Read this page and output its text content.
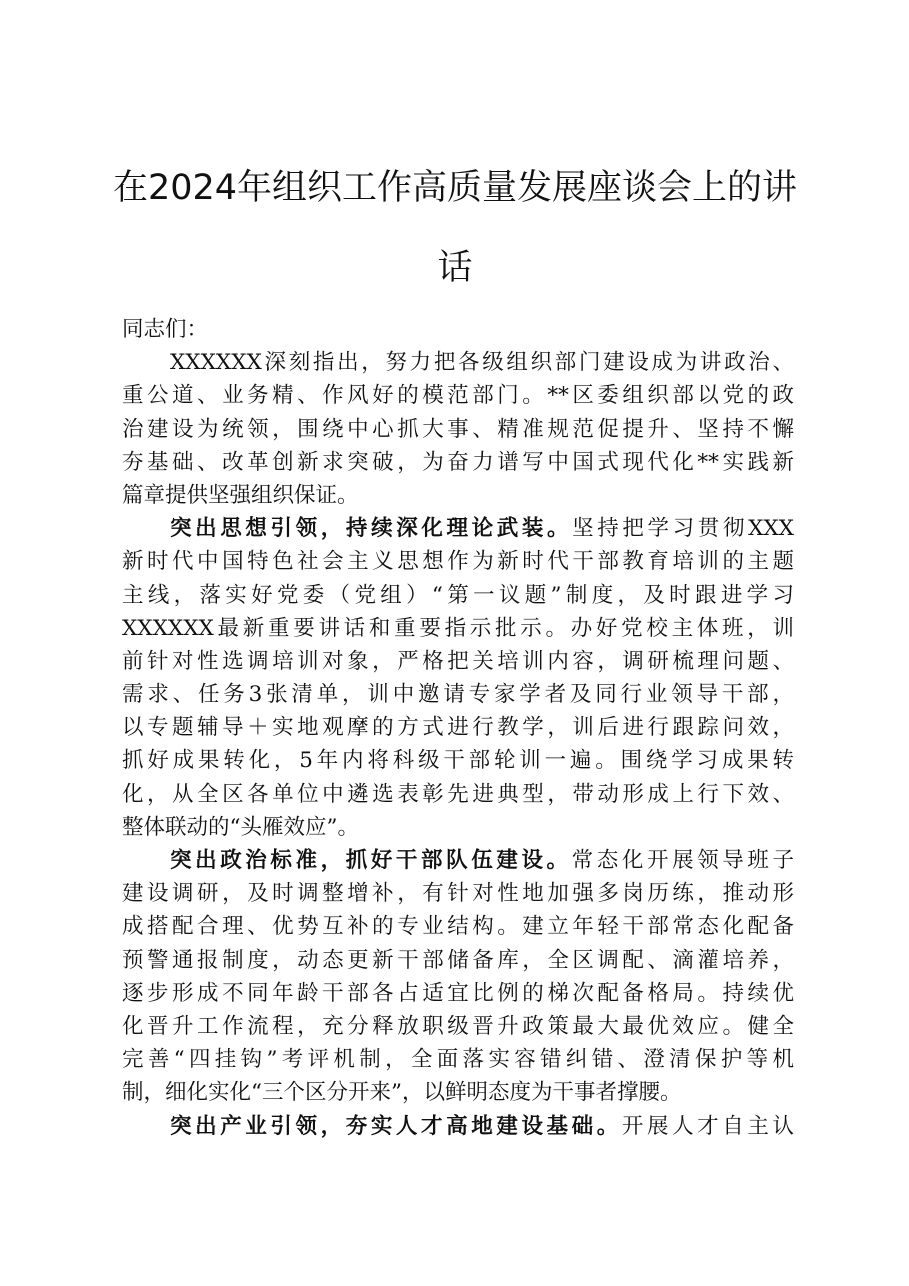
在2024年组织工作高质量发展座谈会上的讲
话
同志们：
XXXXXX深刻指出，努力把各级组织部门建设成为讲政治、
重公道、业务精、作风好的模范部门。**区委组织部以党的政
治建设为统领，围绕中心抓大事、精准规范促提升、坚持不懈
夯基础、改革创新求突破，为奋力谱写中国式现代化**实践新
篇章提供坚强组织保证。
突出思想引领，持续深化理论武装。坚持把学习贯彻XXX
新时代中国特色社会主义思想作为新时代干部教育培训的主题
主线，落实好党委（党组）“第一议题”制度，及时跟进学习
XXXXXX最新重要讲话和重要指示批示。办好党校主体班，训
前针对性选调培训对象，严格把关培训内容，调研梳理问题、
需求、任务3张清单，训中邀请专家学者及同行业领导干部，
以专题辅导＋实地观摩的方式进行教学，训后进行跟踪问效，
抓好成果转化，5年内将科级干部轮训一遍。围绕学习成果转
化，从全区各单位中遴选表彰先进典型，带动形成上行下效、
整体联动的“头雁效应”。
突出政治标准，抓好干部队伍建设。常态化开展领导班子
建设调研，及时调整增补，有针对性地加强多岗历练，推动形
成搭配合理、优势互补的专业结构。建立年轻干部常态化配备
预警通报制度，动态更新干部储备库，全区调配、滴灌培养，
逐步形成不同年龄干部各占适宜比例的梯次配备格局。持续优
化晋升工作流程，充分释放职级晋升政策最大最优效应。健全
完善“四挂钩”考评机制，全面落实容错纠错、澄清保护等机
制，细化实化“三个区分开来”，以鲜明态度为干事者撑腰。
突出产业引领，夯实人才高地建设基础。开展人才自主认
